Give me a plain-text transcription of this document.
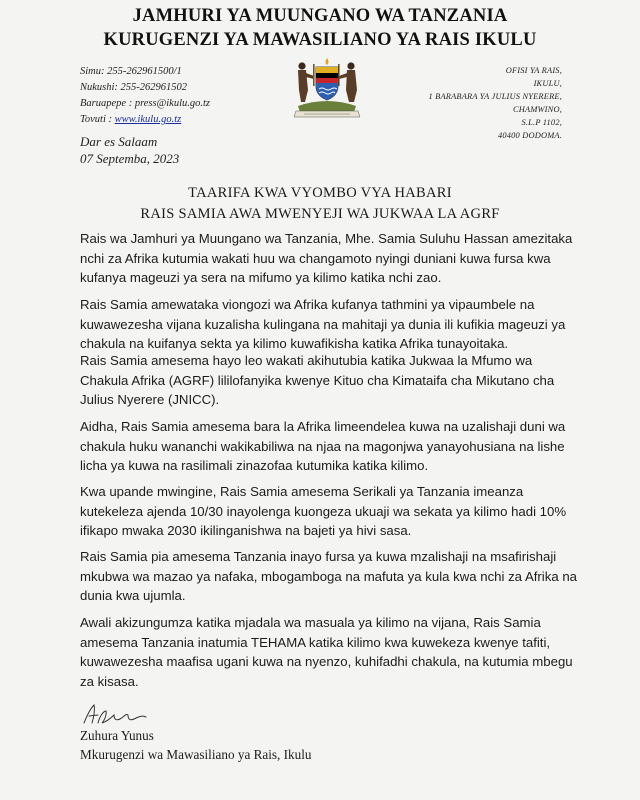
JAMHURI YA MUUNGANO WA TANZANIA
KURUGENZI YA MAWASILIANO YA RAIS IKULU
Simu: 255-262961500/1
Nukushi: 255-262961502
Baruapepe : press@ikulu.go.tz
Tovuti : www.ikulu.go.tz
OFISI YA RAIS,
IKULU,
1 BARABARA YA JULIUS NYERERE,
CHAMWINO,
S.L.P 1102,
40400 DODOMA.
Dar es Salaam
07 Septemba, 2023
TAARIFA KWA VYOMBO VYA HABARI
RAIS SAMIA AWA MWENYEJI WA JUKWAA LA AGRF

Rais wa Jamhuri ya Muungano wa Tanzania, Mhe. Samia Suluhu Hassan amezitaka nchi za Afrika kutumia wakati huu wa changamoto nyingi duniani kuwa fursa kwa kufanya mageuzi ya sera na mifumo ya kilimo katika nchi zao.

Rais Samia amewataka viongozi wa Afrika kufanya tathmini ya vipaumbele na kuwawezesha vijana kuzalisha kulingana na mahitaji ya dunia ili kufikia mageuzi ya chakula na kuifanya sekta ya kilimo kuwafikisha katika Afrika tunayoitaka.

Rais Samia amesema hayo leo wakati akihutubia katika Jukwaa la Mfumo wa Chakula Afrika (AGRF) lililofanyika kwenye Kituo cha Kimataifa cha Mikutano cha Julius Nyerere (JNICC).

Aidha, Rais Samia amesema bara la Afrika limeendelea kuwa na uzalishaji duni wa chakula huku wananchi wakikabiliwa na njaa na magonjwa yanayohusiana na lishe licha ya kuwa na rasilimali zinazofaa kutumika katika kilimo.

Kwa upande mwingine, Rais Samia amesema Serikali ya Tanzania imeanza kutekeleza ajenda 10/30 inayolenga kuongeza ukuaji wa sekata ya kilimo hadi 10% ifikapo mwaka 2030 ikilinganishwa na bajeti ya hivi sasa.

Rais Samia pia amesema Tanzania inayo fursa ya kuwa mzalishaji na msafirishaji mkubwa wa mazao ya nafaka, mbogamboga na mafuta ya kula kwa nchi za Afrika na dunia kwa ujumla.

Awali akizungumza katika mjadala wa masuala ya kilimo na vijana, Rais Samia amesema Tanzania inatumia TEHAMA katika kilimo kwa kuwekeza kwenye tafiti, kuwawezesha maafisa ugani kuwa na nyenzo, kuhifadhi chakula, na kutumia mbegu za kisasa.

Zuhura Yunus
Mkurugenzi wa Mawasiliano ya Rais, Ikulu
